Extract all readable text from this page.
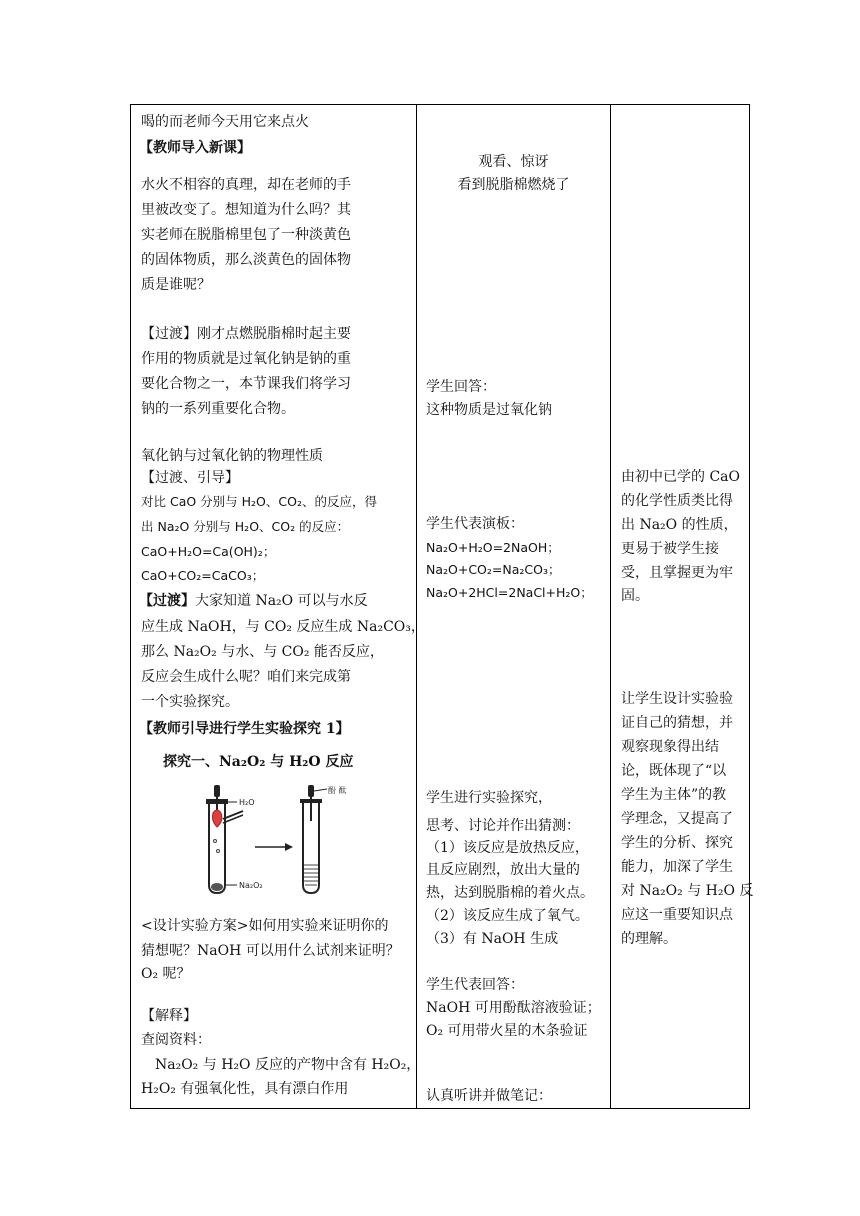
喝的而老师今天用它来点火
【教师导入新课】
水火不相容的真理，却在老师的手
里被改变了。想知道为什么吗？其
实老师在脱脂棉里包了一种淡黄色
的固体物质，那么淡黄色的固体物
质是谁呢？
【过渡】刚才点燃脱脂棉时起主要
作用的物质就是过氧化钠是钠的重
要化合物之一，本节课我们将学习
钠的一系列重要化合物。
氧化钠与过氧化钠的物理性质
【过渡、引导】
对比 CaO 分别与 H₂O、CO₂、的反应，得
出 Na₂O 分别与 H₂O、CO₂ 的反应：
CaO+H₂O=Ca(OH)₂；
CaO+CO₂=CaCO₃；
【过渡】大家知道 Na₂O 可以与水反
应生成 NaOH，与 CO₂ 反应生成 Na₂CO₃，
那么 Na₂O₂ 与水、与 CO₂ 能否反应，
反应会生成什么呢？咱们来完成第
一个实验探究。
【教师引导进行学生实验探究 1】
探究一、Na₂O₂ 与 H₂O 反应
H₂O
Na₂O₂
酚 酞
<设计实验方案>如何用实验来证明你的
猜想呢？NaOH 可以用什么试剂来证明？
O₂ 呢？
【解释】
查阅资料：
Na₂O₂ 与 H₂O 反应的产物中含有 H₂O₂，
H₂O₂ 有强氧化性，具有漂白作用
观看、惊讶
看到脱脂棉燃烧了
学生回答：
这种物质是过氧化钠
学生代表演板：
Na₂O+H₂O=2NaOH；
Na₂O+CO₂=Na₂CO₃；
Na₂O+2HCl=2NaCl+H₂O；
学生进行实验探究，
思考、讨论并作出猜测：
（1）该反应是放热反应，
且反应剧烈，放出大量的
热，达到脱脂棉的着火点。
（2）该反应生成了氧气。
（3）有 NaOH 生成
学生代表回答：
NaOH 可用酚酞溶液验证；
O₂ 可用带火星的木条验证
认真听讲并做笔记：
由初中已学的 CaO
的化学性质类比得
出 Na₂O 的性质，
更易于被学生接
受，且掌握更为牢
固。
让学生设计实验验
证自己的猜想，并
观察现象得出结
论，既体现了“以
学生为主体”的教
学理念，又提高了
学生的分析、探究
能力，加深了学生
对 Na₂O₂ 与 H₂O 反
应这一重要知识点
的理解。
